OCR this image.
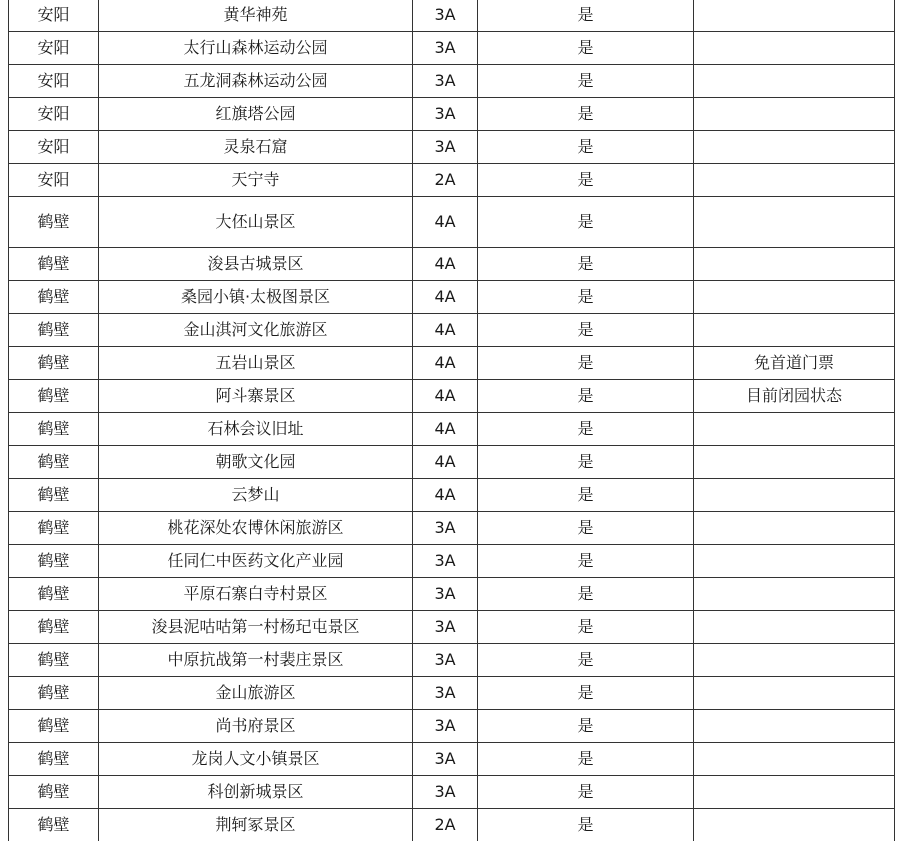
安阳	黄华神苑	3A	是	
安阳	太行山森林运动公园	3A	是	
安阳	五龙洞森林运动公园	3A	是	
安阳	红旗塔公园	3A	是	
安阳	灵泉石窟	3A	是	
安阳	天宁寺	2A	是	
鹤壁	大伾山景区	4A	是	
鹤壁	浚县古城景区	4A	是	
鹤壁	桑园小镇·太极图景区	4A	是	
鹤壁	金山淇河文化旅游区	4A	是	
鹤壁	五岩山景区	4A	是	免首道门票
鹤壁	阿斗寨景区	4A	是	目前闭园状态
鹤壁	石林会议旧址	4A	是	
鹤壁	朝歌文化园	4A	是	
鹤壁	云梦山	4A	是	
鹤壁	桃花深处农博休闲旅游区	3A	是	
鹤壁	任同仁中医药文化产业园	3A	是	
鹤壁	平原石寨白寺村景区	3A	是	
鹤壁	浚县泥咕咕第一村杨玘屯景区	3A	是	
鹤壁	中原抗战第一村裴庄景区	3A	是	
鹤壁	金山旅游区	3A	是	
鹤壁	尚书府景区	3A	是	
鹤壁	龙岗人文小镇景区	3A	是	
鹤壁	科创新城景区	3A	是	
鹤壁	荆轲冢景区	2A	是	
